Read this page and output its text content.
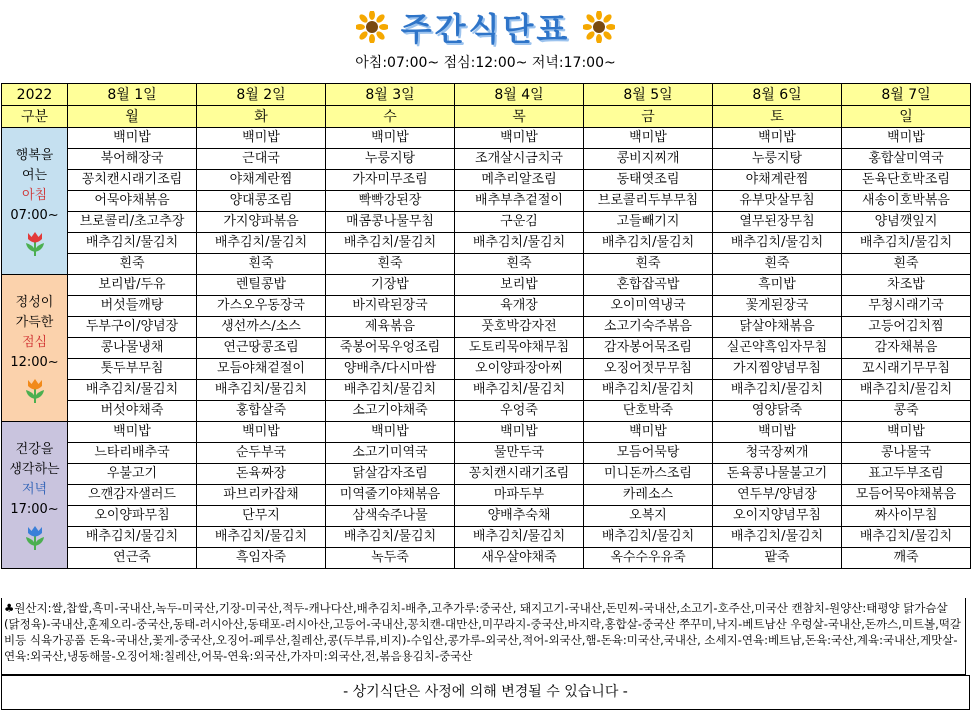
주간식단표
아침:07:00~ 점심:12:00~ 저녁:17:00~
2022	8월 1일	8월 2일	8월 3일	8월 4일	8월 5일	8월 6일	8월 7일
구분	월	화	수	목	금	토	일

행복을
여는
아침
07:00~	백미밥	백미밥	백미밥	백미밥	백미밥	백미밥	백미밥
	북어해장국	근대국	누룽지탕	조개살시금치국	콩비지찌개	누룽지탕	홍합살미역국
	꽁치캔시래기조림	야채계란찜	가자미무조림	메추리알조림	동태엿조림	야채계란찜	돈육단호박조림
	어묵야채볶음	양대콩조림	빡빡강된장	배추부추겉절이	브로콜리두부무침	유부맛살무침	새송이호박볶음
	브로콜리/초고추장	가지양파볶음	매콤콩나물무침	구운김	고들빼기지	열무된장무침	양념깻잎지
	배추김치/물김치	배추김치/물김치	배추김치/물김치	배추김치/물김치	배추김치/물김치	배추김치/물김치	배추김치/물김치
	흰죽	흰죽	흰죽	흰죽	흰죽	흰죽	흰죽

정성이
가득한
점심
12:00~	보리밥/두유	렌틸콩밥	기장밥	보리밥	혼합잡곡밥	흑미밥	차조밥
	버섯들깨탕	가스오우동장국	바지락된장국	육개장	오이미역냉국	꽃게된장국	무청시래기국
	두부구이/양념장	생선까스/소스	제육볶음	풋호박감자전	소고기숙주볶음	닭살야채볶음	고등어김치찜
	콩나물냉채	연근땅콩조림	죽봉어묵우엉조림	도토리묵야채무침	감자봉어묵조림	실곤약흑임자무침	감자채볶음
	톳두부무침	모듬야채겉절이	양배추/다시마쌈	오이양파장아찌	오징어젓무무침	가지찜양념무침	꼬시래기무무침
	배추김치/물김치	배추김치/물김치	배추김치/물김치	배추김치/물김치	배추김치/물김치	배추김치/물김치	배추김치/물김치
	버섯야채죽	홍합살죽	소고기야채죽	우엉죽	단호박죽	영양닭죽	콩죽

건강을
생각하는
저녁
17:00~	백미밥	백미밥	백미밥	백미밥	백미밥	백미밥	백미밥
	느타리배추국	순두부국	소고기미역국	물만두국	모듬어묵탕	청국장찌개	콩나물국
	우불고기	돈육짜장	닭살감자조림	꽁치캔시래기조림	미니돈까스조림	돈육콩나물불고기	표고두부조림
	으깬감자샐러드	파브리카잡채	미역줄기야채볶음	마파두부	카레소스	연두부/양념장	모듬어묵야채볶음
	오이양파무침	단무지	삼색숙주나물	양배추숙채	오복지	오이지양념무침	짜사이무침
	배추김치/물김치	배추김치/물김치	배추김치/물김치	배추김치/물김치	배추김치/물김치	배추김치/물김치	배추김치/물김치
	연근죽	흑임자죽	녹두죽	새우살야채죽	옥수수우유죽	팥죽	깨죽
♣원산지:쌀,찹쌀,흑미-국내산,녹두-미국산,기장-미국산,적두-캐나다산,배추김치-배추,고추가루:중국산, 돼지고기-국내산,돈민찌-국내산,소고기-호주산,미국산 캔참치-원양산:태평양 닭가슴살(닭정육)-국내산,훈제오리-중국산,동태-러시아산,동태포-러시아산,고등어-국내산,꽁치캔-대만산,미꾸라지-중국산,바지락,홍합살-중국산 쭈꾸미,낙지-베트남산 우렁살-국내산,돈까스,미트볼,떡갈비등 식육가공품 돈육-국내산,꽃게-중국산,오징어-페루산,칠레산,콩(두부류,비지)-수입산,콩가루-외국산,적어-외국산,햄-돈육:미국산,국내산, 소세지-연육:베트남,돈육:국산,계육:국내산,게맛살-연육:외국산,냉동해물-오징어채:칠레산,어묵-연육:외국산,가자미:외국산,전,볶음용김치-중국산
- 상기식단은 사정에 의해 변경될 수 있습니다 -
